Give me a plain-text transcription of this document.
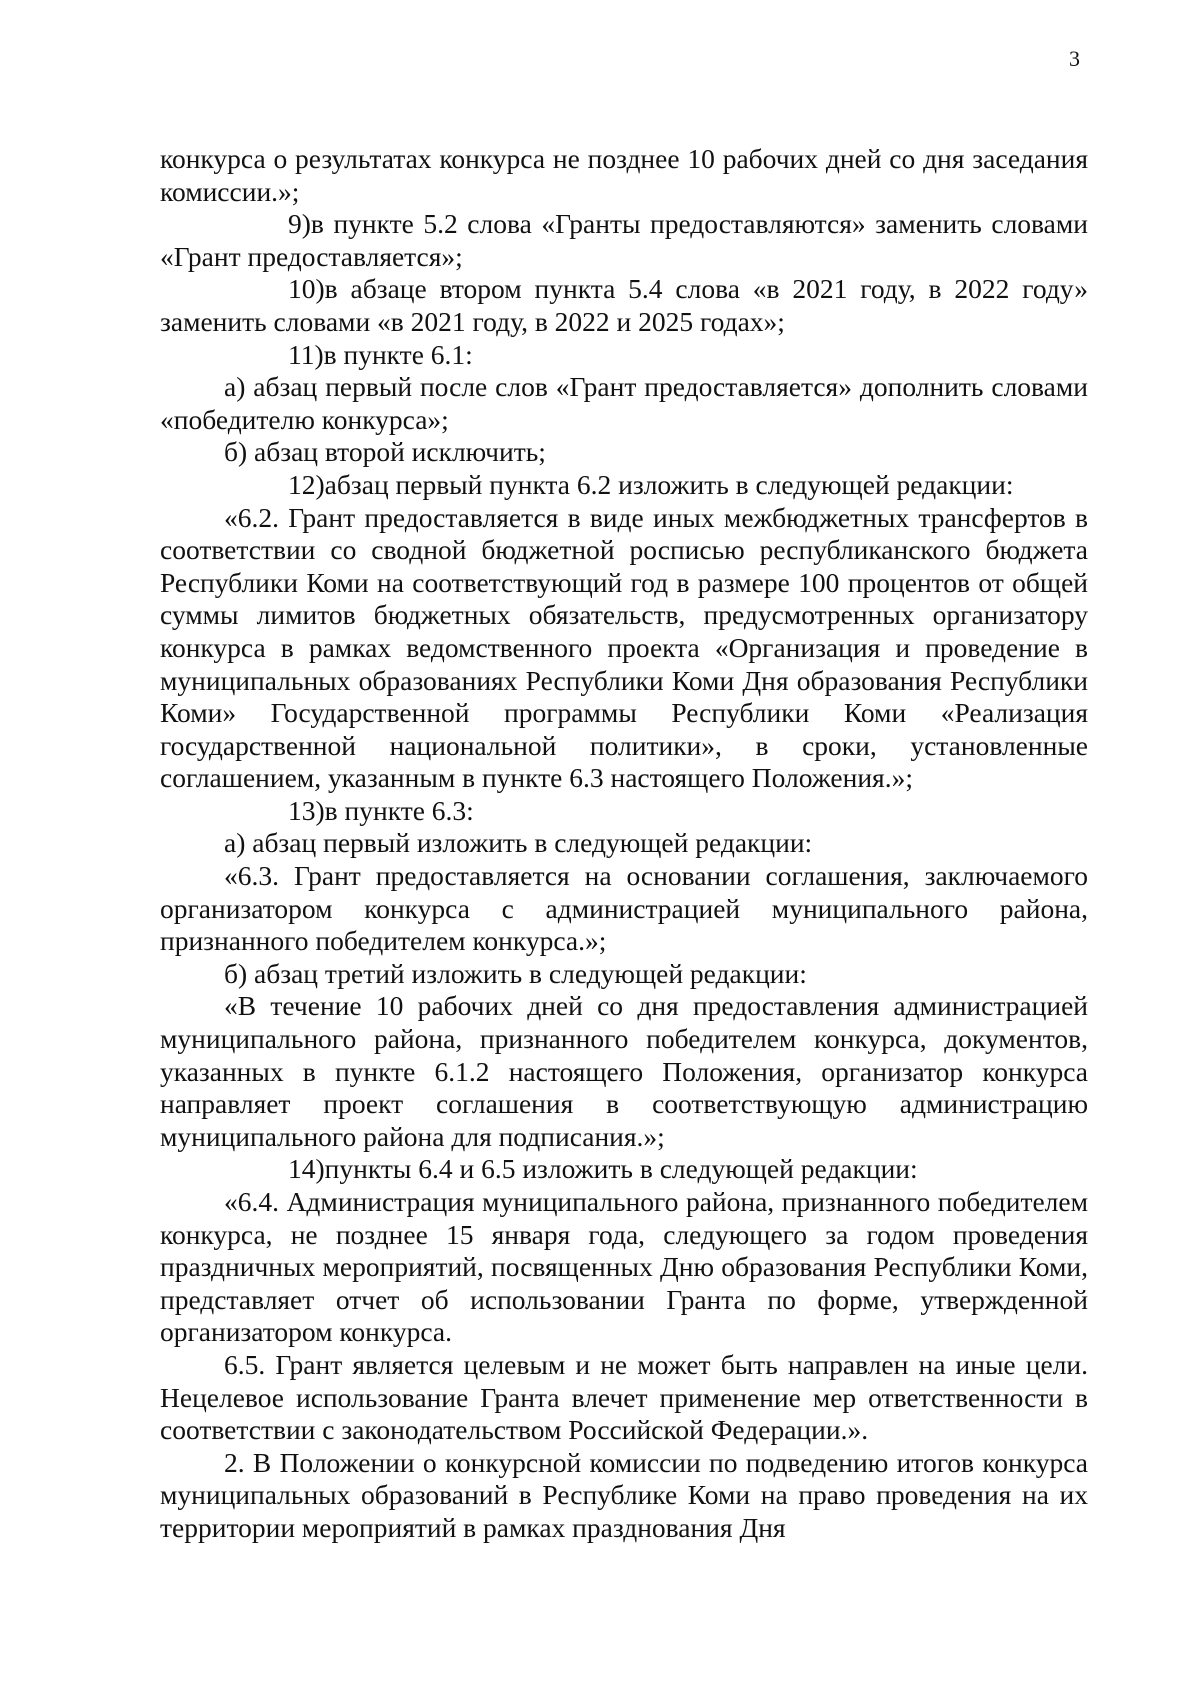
3

конкурса о результатах конкурса не позднее 10 рабочих дней со дня заседания комиссии.»;

9)в пункте 5.2 слова «Гранты предоставляются» заменить словами «Грант предоставляется»;

10)в абзаце втором пункта 5.4 слова «в 2021 году, в 2022 году» заменить словами «в 2021 году, в 2022 и 2025 годах»;

11)в пункте 6.1:

а) абзац первый после слов «Грант предоставляется» дополнить словами «победителю конкурса»;

б) абзац второй исключить;

12)абзац первый пункта 6.2 изложить в следующей редакции:

«6.2. Грант предоставляется в виде иных межбюджетных трансфертов в соответствии со сводной бюджетной росписью республиканского бюджета Республики Коми на соответствующий год в размере 100 процентов от общей суммы лимитов бюджетных обязательств, предусмотренных организатору конкурса в рамках ведомственного проекта «Организация и проведение в муниципальных образованиях Республики Коми Дня образования Республики Коми» Государственной программы Республики Коми «Реализация государственной национальной политики», в сроки, установленные соглашением, указанным в пункте 6.3 настоящего Положения.»;

13)в пункте 6.3:

а) абзац первый изложить в следующей редакции:

«6.3. Грант предоставляется на основании соглашения, заключаемого организатором конкурса с администрацией муниципального района, признанного победителем конкурса.»;

б) абзац третий изложить в следующей редакции:

«В течение 10 рабочих дней со дня предоставления администрацией муниципального района, признанного победителем конкурса, документов, указанных в пункте 6.1.2 настоящего Положения, организатор конкурса направляет проект соглашения в соответствующую администрацию муниципального района для подписания.»;

14)пункты 6.4 и 6.5 изложить в следующей редакции:

«6.4. Администрация муниципального района, признанного победителем конкурса, не позднее 15 января года, следующего за годом проведения праздничных мероприятий, посвященных Дню образования Республики Коми, представляет отчет об использовании Гранта по форме, утвержденной организатором конкурса.

6.5. Грант является целевым и не может быть направлен на иные цели. Нецелевое использование Гранта влечет применение мер ответственности в соответствии с законодательством Российской Федерации.».

2. В Положении о конкурсной комиссии по подведению итогов конкурса муниципальных образований в Республике Коми на право проведения на их территории мероприятий в рамках празднования Дня
